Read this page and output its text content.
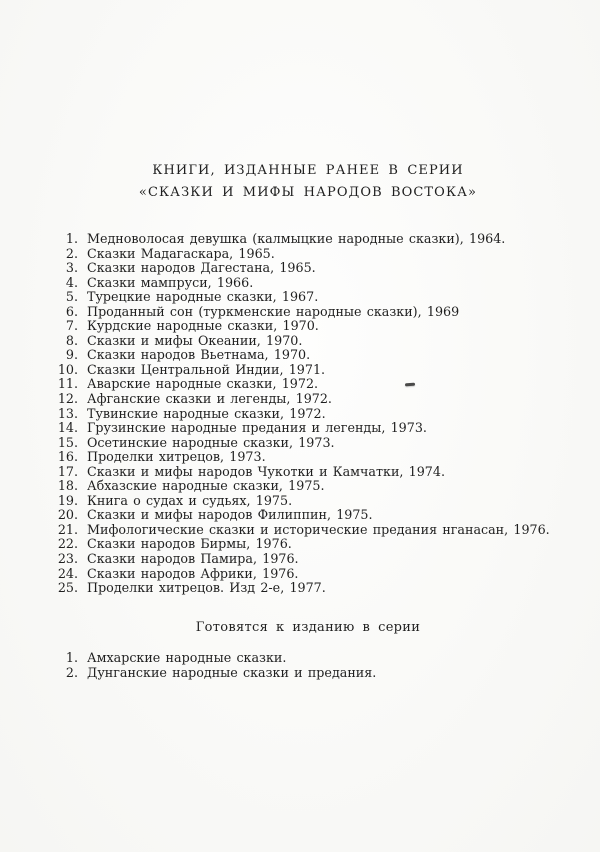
КНИГИ, ИЗДАННЫЕ РАНЕЕ В СЕРИИ
«СКАЗКИ И МИФЫ НАРОДОВ ВОСТОКА»
1. Медноволосая девушка (калмыцкие народные сказки), 1964.
2. Сказки Мадагаскара, 1965.
3. Сказки народов Дагестана, 1965.
4. Сказки мампруси, 1966.
5. Турецкие народные сказки, 1967.
6. Проданный сон (туркменские народные сказки), 1969
7. Курдские народные сказки, 1970.
8. Сказки и мифы Океании, 1970.
9. Сказки народов Вьетнама, 1970.
10. Сказки Центральной Индии, 1971.
11. Аварские народные сказки, 1972.
12. Афганские сказки и легенды, 1972.
13. Тувинские народные сказки, 1972.
14. Грузинские народные предания и легенды, 1973.
15. Осетинские народные сказки, 1973.
16. Проделки хитрецов, 1973.
17. Сказки и мифы народов Чукотки и Камчатки, 1974.
18. Абхазские народные сказки, 1975.
19. Книга о судах и судьях, 1975.
20. Сказки и мифы народов Филиппин, 1975.
21. Мифологические сказки и исторические предания нганасан, 1976.
22. Сказки народов Бирмы, 1976.
23. Сказки народов Памира, 1976.
24. Сказки народов Африки, 1976.
25. Проделки хитрецов. Изд 2-е, 1977.
Готовятся к изданию в серии
1. Амхарские народные сказки.
2. Дунганские народные сказки и предания.
